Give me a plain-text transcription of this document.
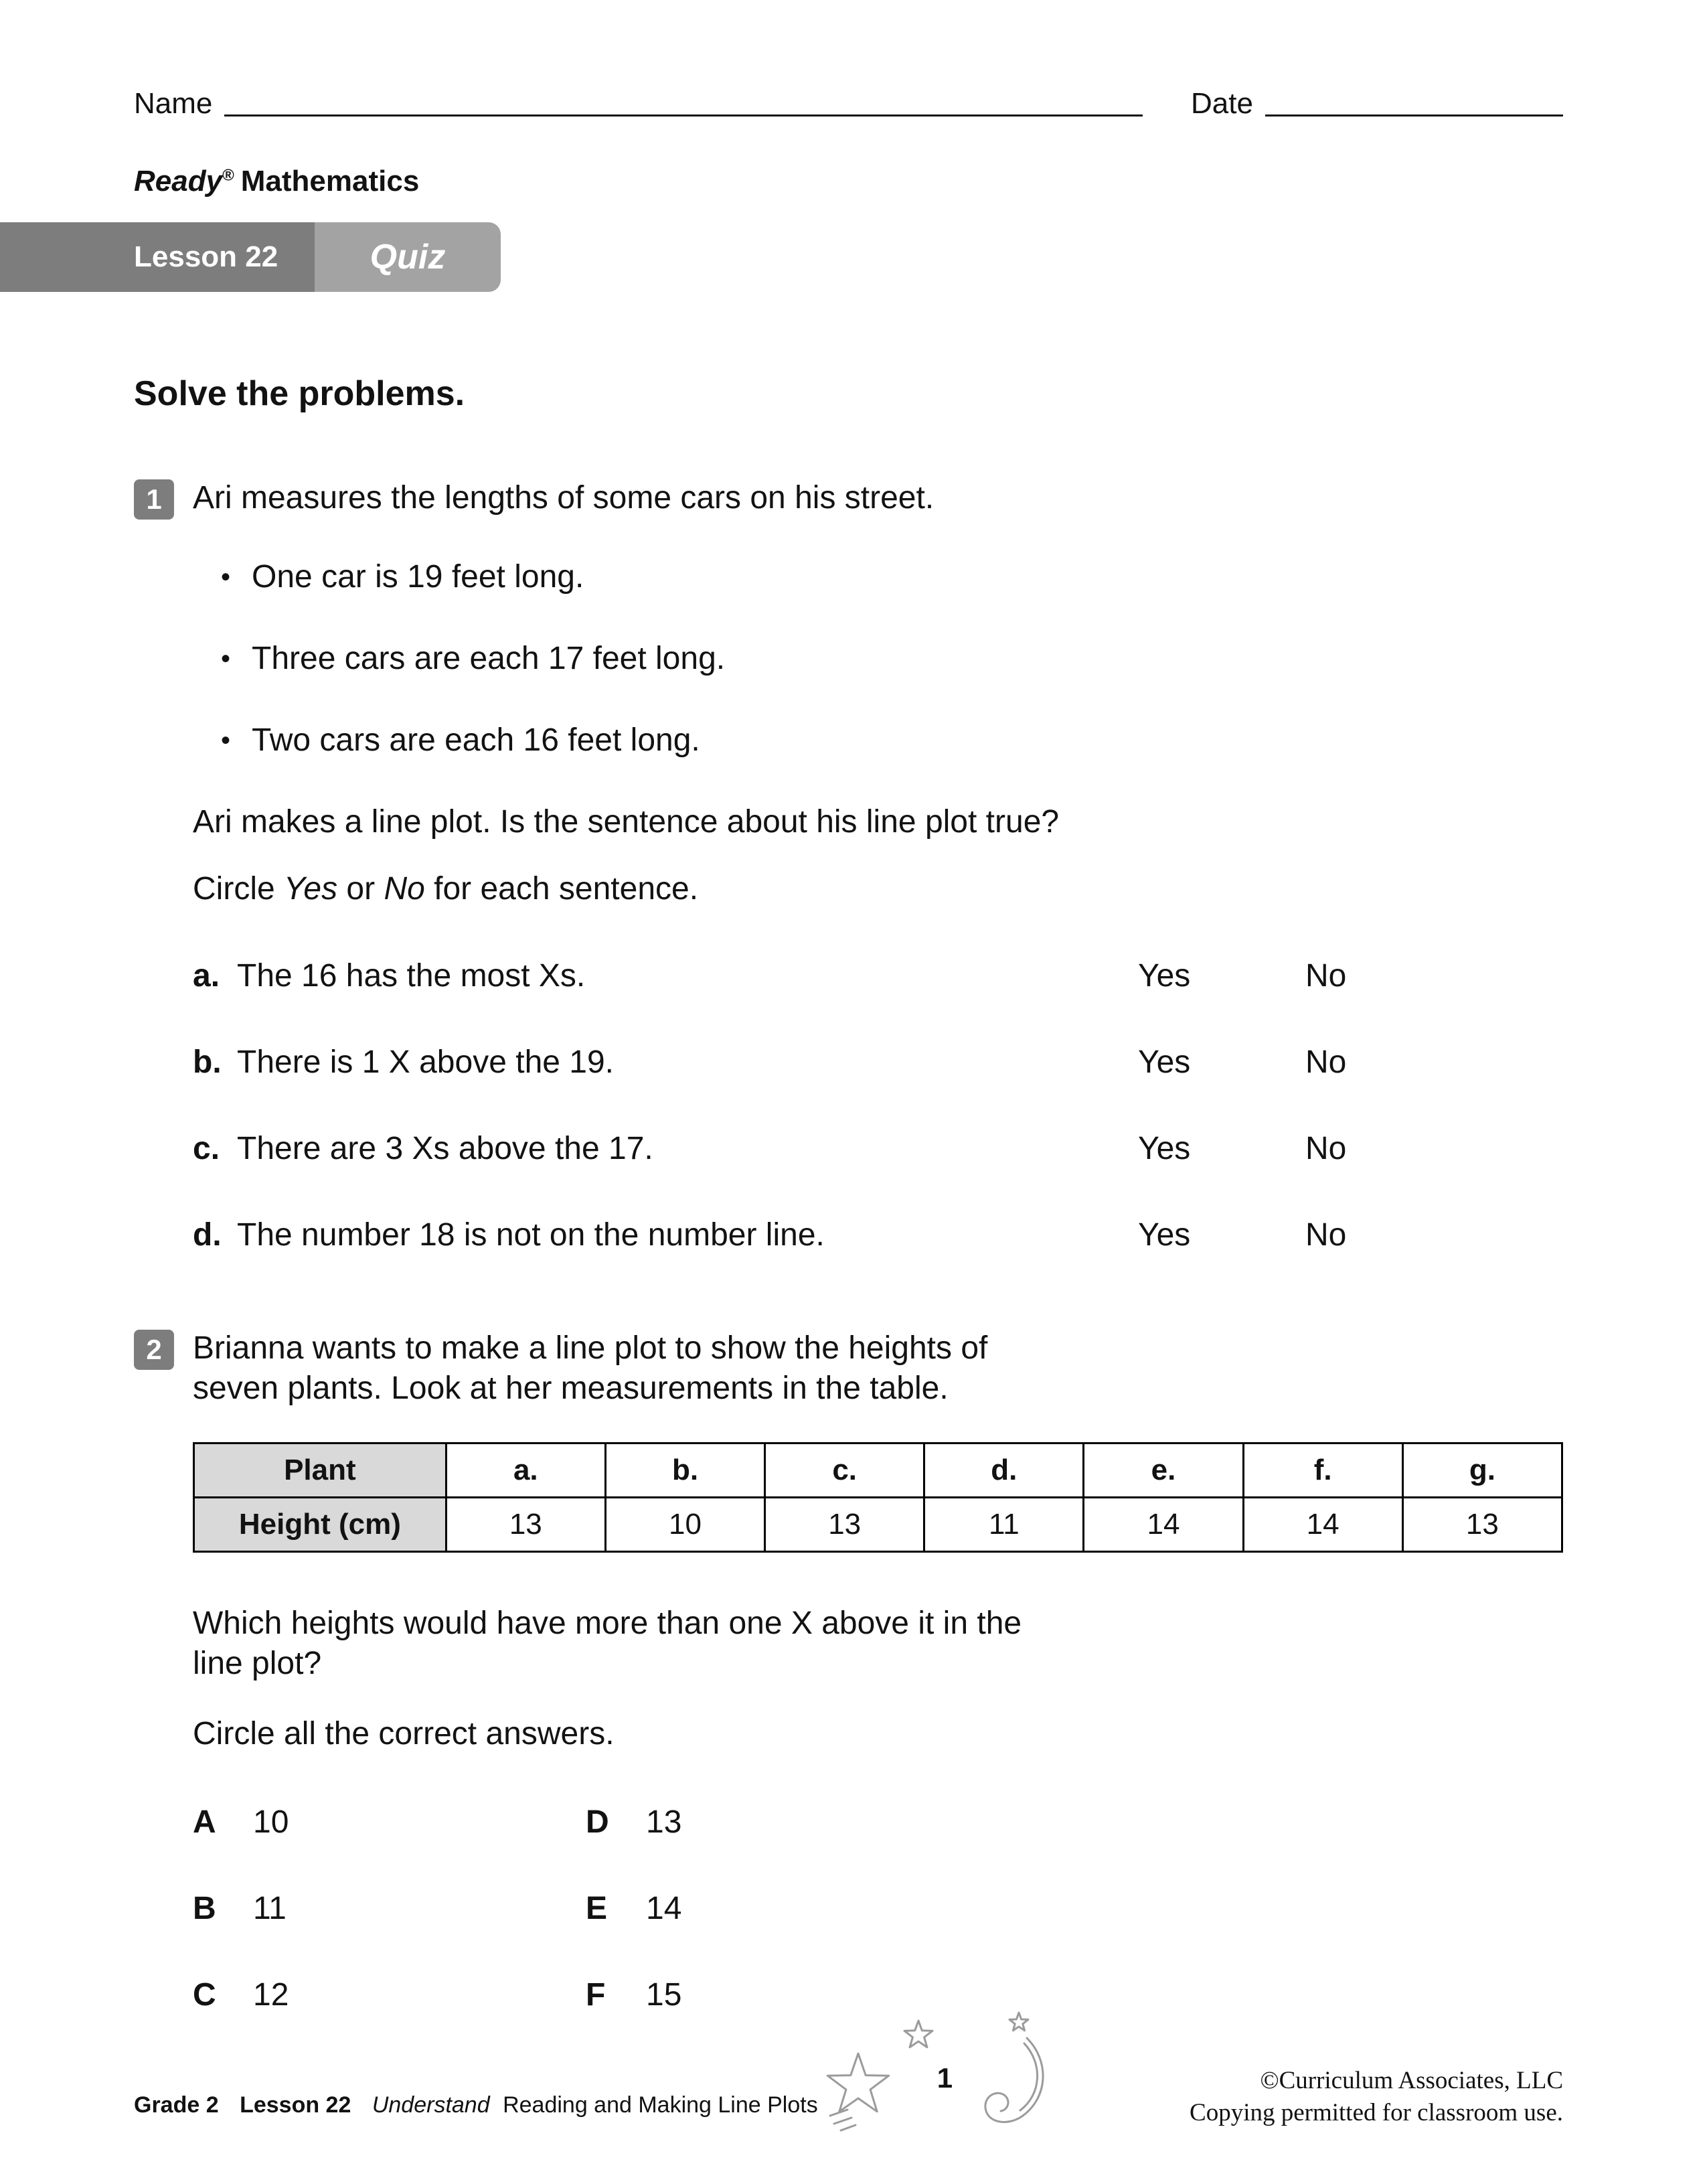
Name	Date
Ready® Mathematics
Lesson 22	Quiz
Solve the problems.
1 Ari measures the lengths of some cars on his street.
• One car is 19 feet long.
• Three cars are each 17 feet long.
• Two cars are each 16 feet long.
Ari makes a line plot. Is the sentence about his line plot true?
Circle Yes or No for each sentence.
a. The 16 has the most Xs.	Yes	No
b. There is 1 X above the 19.	Yes	No
c. There are 3 Xs above the 17.	Yes	No
d. The number 18 is not on the number line.	Yes	No
2 Brianna wants to make a line plot to show the heights of
seven plants. Look at her measurements in the table.
Plant	a.	b.	c.	d.	e.	f.	g.
Height (cm)	13	10	13	11	14	14	13
Which heights would have more than one X above it in the
line plot?
Circle all the correct answers.
A	10	D	13
B	11	E	14
C	12	F	15
Grade 2 Lesson 22 Understand Reading and Making Line Plots
1	©Curriculum Associates, LLC
Copying permitted for classroom use.
